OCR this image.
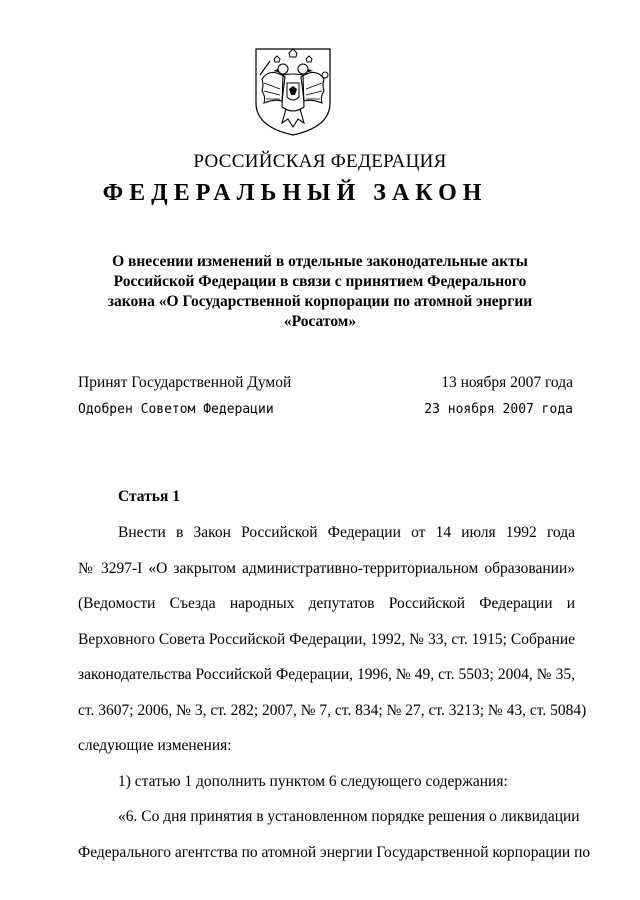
РОССИЙСКАЯ ФЕДЕРАЦИЯ
ФЕДЕРАЛЬНЫЙ ЗАКОН
О внесении изменений в отдельные законодательные акты
Российской Федерации в связи с принятием Федерального
закона «О Государственной корпорации по атомной энергии
«Росатом»
Принят Государственной Думой	13 ноября 2007 года
Одобрен Советом Федерации	23 ноября 2007 года
Статья 1
Внести в Закон Российской Федерации от 14 июля 1992 года
№ 3297-I «О закрытом административно-территориальном образовании»
(Ведомости Съезда народных депутатов Российской Федерации и
Верховного Совета Российской Федерации, 1992, № 33, ст. 1915; Собрание
законодательства Российской Федерации, 1996, № 49, ст. 5503; 2004, № 35,
ст. 3607; 2006, № 3, ст. 282; 2007, № 7, ст. 834; № 27, ст. 3213; № 43, ст. 5084)
следующие изменения:
1) статью 1 дополнить пунктом 6 следующего содержания:
«6. Со дня принятия в установленном порядке решения о ликвидации
Федерального агентства по атомной энергии Государственной корпорации по
